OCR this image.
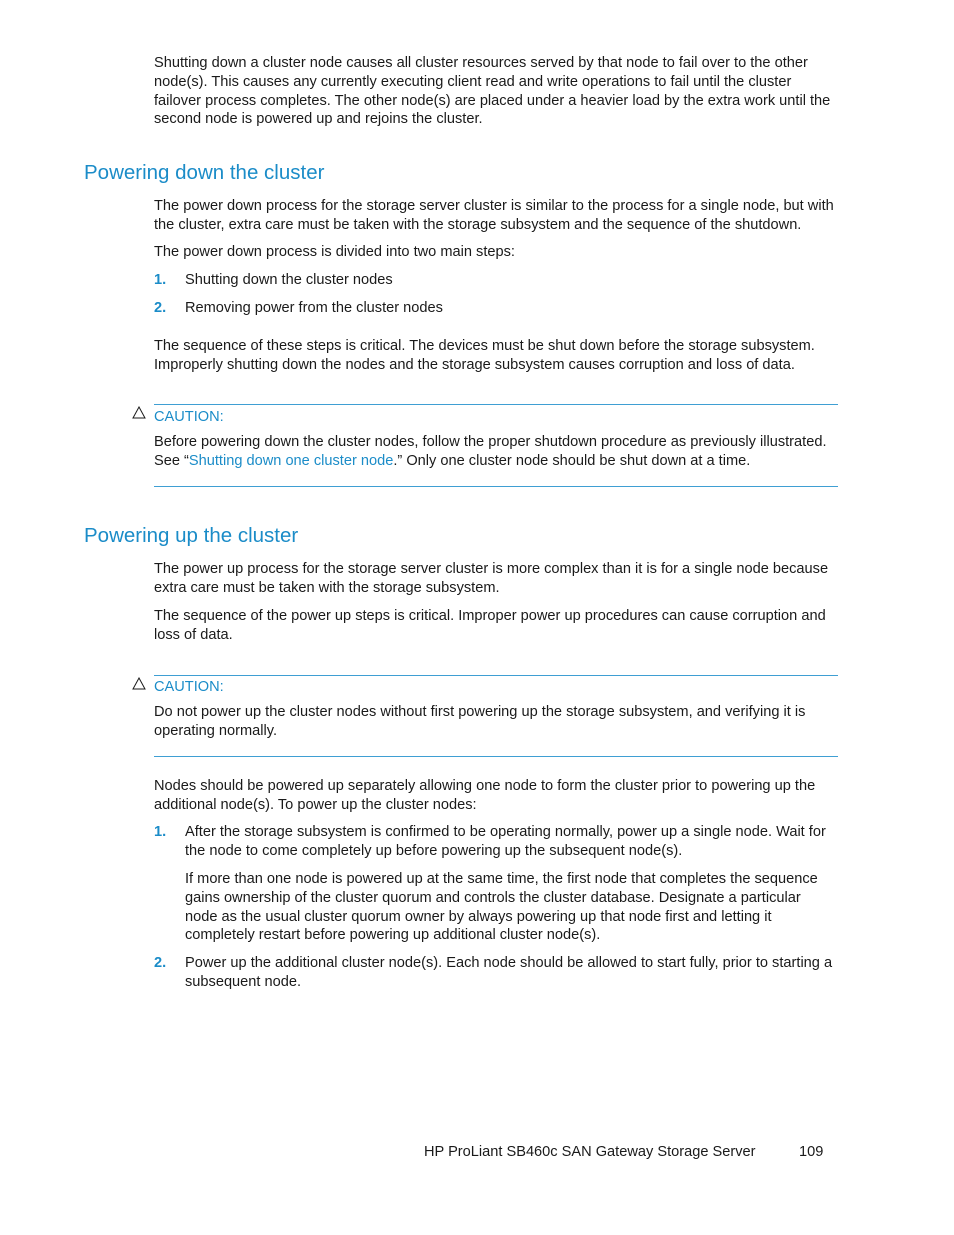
Shutting down a cluster node causes all cluster resources served by that node to fail over to the other node(s). This causes any currently executing client read and write operations to fail until the cluster failover process completes. The other node(s) are placed under a heavier load by the extra work until the second node is powered up and rejoins the cluster.

Powering down the cluster

The power down process for the storage server cluster is similar to the process for a single node, but with the cluster, extra care must be taken with the storage subsystem and the sequence of the shutdown.

The power down process is divided into two main steps:

1. Shutting down the cluster nodes
2. Removing power from the cluster nodes

The sequence of these steps is critical. The devices must be shut down before the storage subsystem. Improperly shutting down the nodes and the storage subsystem causes corruption and loss of data.

CAUTION:

Before powering down the cluster nodes, follow the proper shutdown procedure as previously illustrated. See “Shutting down one cluster node.” Only one cluster node should be shut down at a time.

Powering up the cluster

The power up process for the storage server cluster is more complex than it is for a single node because extra care must be taken with the storage subsystem.

The sequence of the power up steps is critical. Improper power up procedures can cause corruption and loss of data.

CAUTION:

Do not power up the cluster nodes without first powering up the storage subsystem, and verifying it is operating normally.

Nodes should be powered up separately allowing one node to form the cluster prior to powering up the additional node(s). To power up the cluster nodes:

1. After the storage subsystem is confirmed to be operating normally, power up a single node. Wait for the node to come completely up before powering up the subsequent node(s).
If more than one node is powered up at the same time, the first node that completes the sequence gains ownership of the cluster quorum and controls the cluster database. Designate a particular node as the usual cluster quorum owner by always powering up that node first and letting it completely restart before powering up additional cluster node(s).
2. Power up the additional cluster node(s). Each node should be allowed to start fully, prior to starting a subsequent node.

HP ProLiant SB460c SAN Gateway Storage Server	109
